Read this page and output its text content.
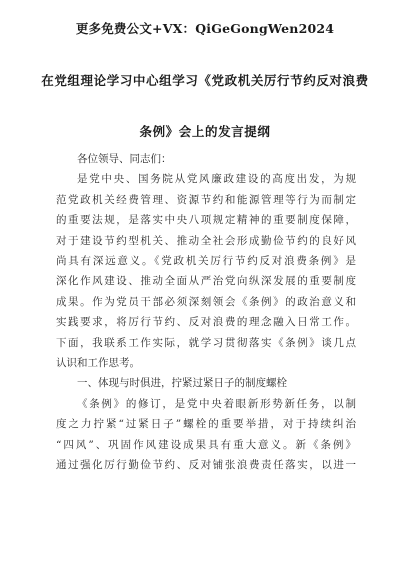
更多免费公文+VX：QiGeGongWen2024
在党组理论学习中心组学习《党政机关厉行节约反对浪费
条例》会上的发言提纲
各位领导、同志们：
是党中央、国务院从党风廉政建设的高度出发，为规
范党政机关经费管理、资源节约和能源管理等行为而制定
的重要法规，是落实中央八项规定精神的重要制度保障，
对于建设节约型机关、推动全社会形成勤俭节约的良好风
尚具有深远意义。《党政机关厉行节约反对浪费条例》是
深化作风建设、推动全面从严治党向纵深发展的重要制度
成果。作为党员干部必须深刻领会《条例》的政治意义和
实践要求，将厉行节约、反对浪费的理念融入日常工作。
下面，我联系工作实际，就学习贯彻落实《条例》谈几点
认识和工作思考。
一、体现与时俱进，拧紧过紧日子的制度螺栓
《条例》的修订，是党中央着眼新形势新任务，以制
度之力拧紧“过紧日子”螺栓的重要举措，对于持续纠治
“四风”、巩固作风建设成果具有重大意义。新《条例》
通过强化厉行勤俭节约、反对铺张浪费责任落实，以进一
